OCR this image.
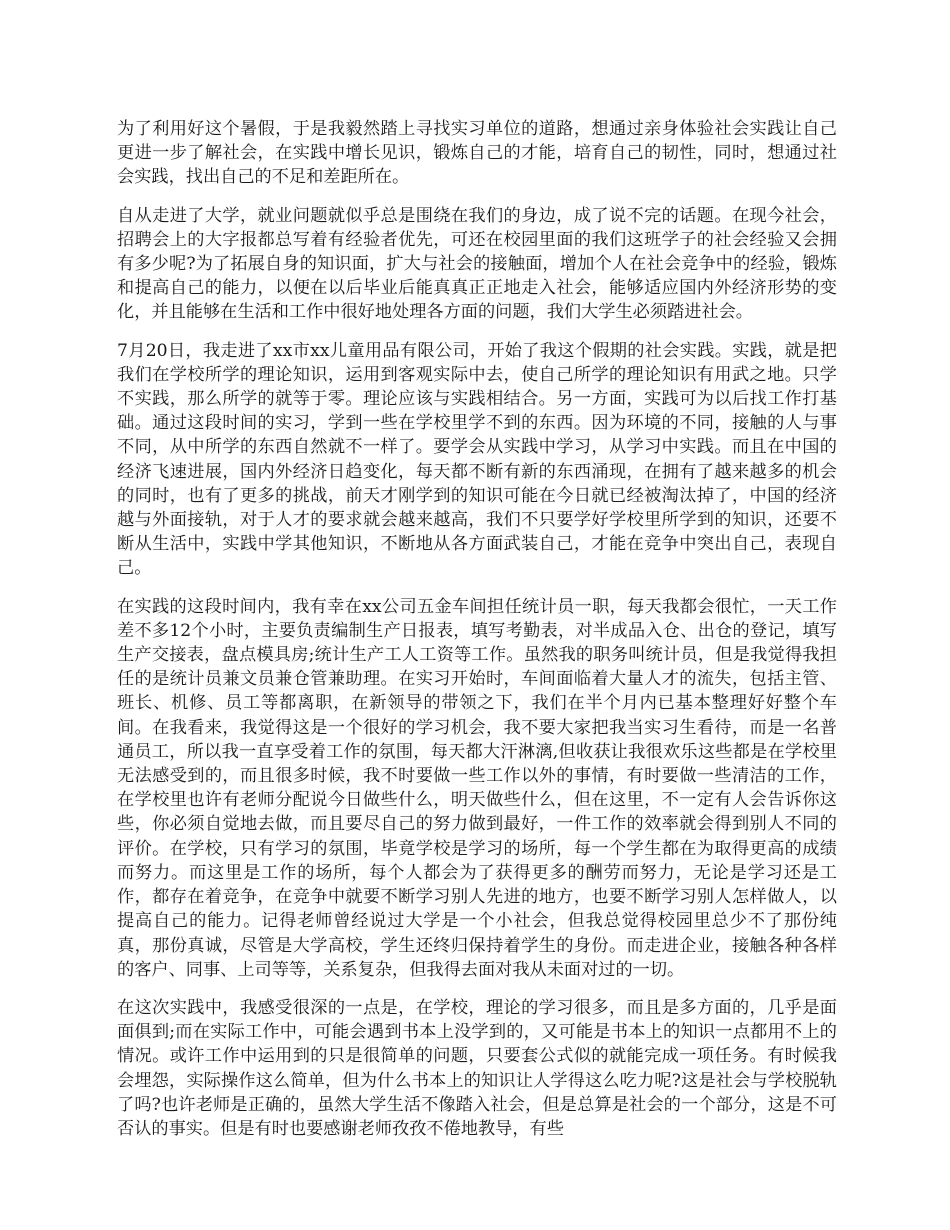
为了利用好这个暑假，于是我毅然踏上寻找实习单位的道路，想通过亲身体验社会实践让自己更进一步了解社会，在实践中增长见识，锻炼自己的才能，培育自己的韧性，同时，想通过社会实践，找出自己的不足和差距所在。

自从走进了大学，就业问题就似乎总是围绕在我们的身边，成了说不完的话题。在现今社会，招聘会上的大字报都总写着有经验者优先，可还在校园里面的我们这班学子的社会经验又会拥有多少呢?为了拓展自身的知识面，扩大与社会的接触面，增加个人在社会竞争中的经验，锻炼和提高自己的能力，以便在以后毕业后能真真正正地走入社会，能够适应国内外经济形势的变化，并且能够在生活和工作中很好地处理各方面的问题，我们大学生必须踏进社会。

7月20日，我走进了xx市xx儿童用品有限公司，开始了我这个假期的社会实践。实践，就是把我们在学校所学的理论知识，运用到客观实际中去，使自己所学的理论知识有用武之地。只学不实践，那么所学的就等于零。理论应该与实践相结合。另一方面，实践可为以后找工作打基础。通过这段时间的实习，学到一些在学校里学不到的东西。因为环境的不同，接触的人与事不同，从中所学的东西自然就不一样了。要学会从实践中学习，从学习中实践。而且在中国的经济飞速进展，国内外经济日趋变化，每天都不断有新的东西涌现，在拥有了越来越多的机会的同时，也有了更多的挑战，前天才刚学到的知识可能在今日就已经被淘汰掉了，中国的经济越与外面接轨，对于人才的要求就会越来越高，我们不只要学好学校里所学到的知识，还要不断从生活中，实践中学其他知识，不断地从各方面武装自己，才能在竞争中突出自己，表现自己。

在实践的这段时间内，我有幸在xx公司五金车间担任统计员一职，每天我都会很忙，一天工作差不多12个小时，主要负责编制生产日报表，填写考勤表，对半成品入仓、出仓的登记，填写生产交接表，盘点模具房;统计生产工人工资等工作。虽然我的职务叫统计员，但是我觉得我担任的是统计员兼文员兼仓管兼助理。在实习开始时，车间面临着大量人才的流失，包括主管、班长、机修、员工等都离职，在新领导的带领之下，我们在半个月内已基本整理好好整个车间。在我看来，我觉得这是一个很好的学习机会，我不要大家把我当实习生看待，而是一名普通员工，所以我一直享受着工作的氛围，每天都大汗淋漓,但收获让我很欢乐这些都是在学校里无法感受到的，而且很多时候，我不时要做一些工作以外的事情，有时要做一些清洁的工作，在学校里也许有老师分配说今日做些什么，明天做些什么，但在这里，不一定有人会告诉你这些，你必须自觉地去做，而且要尽自己的努力做到最好，一件工作的效率就会得到别人不同的评价。在学校，只有学习的氛围，毕竟学校是学习的场所，每一个学生都在为取得更高的成绩而努力。而这里是工作的场所，每个人都会为了获得更多的酬劳而努力，无论是学习还是工作，都存在着竞争，在竞争中就要不断学习别人先进的地方，也要不断学习别人怎样做人，以提高自己的能力。记得老师曾经说过大学是一个小社会，但我总觉得校园里总少不了那份纯真，那份真诚，尽管是大学高校，学生还终归保持着学生的身份。而走进企业，接触各种各样的客户、同事、上司等等，关系复杂，但我得去面对我从未面对过的一切。

在这次实践中，我感受很深的一点是，在学校，理论的学习很多，而且是多方面的，几乎是面面俱到;而在实际工作中，可能会遇到书本上没学到的，又可能是书本上的知识一点都用不上的情况。或许工作中运用到的只是很简单的问题，只要套公式似的就能完成一项任务。有时候我会埋怨，实际操作这么简单，但为什么书本上的知识让人学得这么吃力呢?这是社会与学校脱轨了吗?也许老师是正确的，虽然大学生活不像踏入社会，但是总算是社会的一个部分，这是不可否认的事实。但是有时也要感谢老师孜孜不倦地教导，有些
